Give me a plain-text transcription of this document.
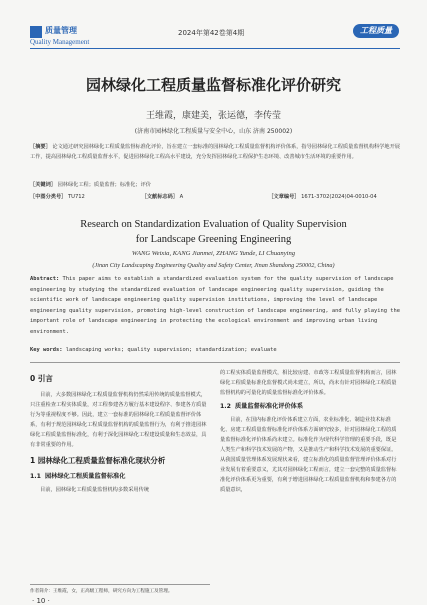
质量管理
Quality Management
2024年第42卷第4期	工程质量
园林绿化工程质量监督标准化评价研究
王维霞，康建美，张运德，李传莹
(济南市园林绿化工程质量与安全中心，山东 济南 250002)
［摘要］ 论文通过研究园林绿化工程质量监督标准化评价，旨在建立一套标准的园林绿化工程质量监督机构评价体系，指导园林绿化工程质量监督机构科学地开展工作，提高园林绿化工程质量监督水平，促进园林绿化工程高水平建设，充分发挥园林绿化工程保护生态环境、改善城市生活环境的重要作用。
［关键词］ 园林绿化工程；质量监督；标准化；评价
［中图分类号］ TU712	［文献标志码］ A	［文章编号］ 1671-3702(2024)04-0010-04
Research on Standardization Evaluation of Quality Supervision
for Landscape Greening Engineering
WANG Weixia, KANG Jianmei, ZHANG Yunde, LI Chuanying
(Jinan City Landscaping Engineering Quality and Safety Center, Jinan Shandong 250002, China)
Abstract: This paper aims to establish a standardized evaluation system for the quality supervision of landscape engineering by studying the standardized evaluation of landscape engineering quality supervision, guiding the scientific work of landscape engineering quality supervision institutions, improving the level of landscape engineering quality supervision, promoting high-level construction of landscape engineering, and fully playing the important role of landscape engineering in protecting the ecological environment and improving urban living environment.
Key words: landscaping works; quality supervision; standardization; evaluate
0 引言

目前，大多数园林绿化工程质量监督机构仍然采用传统的质量监督模式，只注重检查工程实体质量，对工程参建各方履行基本建设程序、参建各方质量行为等重视程度不够。因此，建立一套标准的园林绿化工程质量监督评价体系，有利于规范园林绿化工程质量监督机构的质量监督行为，有利于推进园林绿化工程质量监督标准化，有利于深化园林绿化工程建设质量和生态效益，具有非常重要的作用。

1 园林绿化工程质量监督标准化现状分析
1.1 园林绿化工程质量监督标准化

目前，园林绿化工程质量监督机构多数采用传统

的工程实体质量监督模式，相比较房建、市政等工程质量监督机构而言，园林绿化工程质量标准化监督模式尚未建立，所以，尚未有针对园林绿化工程质量监督机构的可量化的质量监督标准化评价体系。

1.2 质量监督标准化评价体系

目前，在国内标准化评价体系建立方面，农业标准化、制造业技术标准化、房建工程质量监督标准化评价体系方面研究较多，针对园林绿化工程的质量监督标准化评价体系尚未建立。标准化作为现代科学管理的重要手段，既是人类生产和科学技术发展的产物，又是推动生产和科学技术发展的重要保证。从我国质量管理体系发展现状来看，建立标准化的质量监督管理评价体系对行业发展有着重要意义，尤其对园林绿化工程而言，建立一套完整的质量监督标准化评价体系更为重要，有利于增进园林绿化工程质量监督机构和参建各方的质量意识，

作者简介：王维霞，女，正高级工程师，研究方向为工程施工及管理。
· 10 ·
